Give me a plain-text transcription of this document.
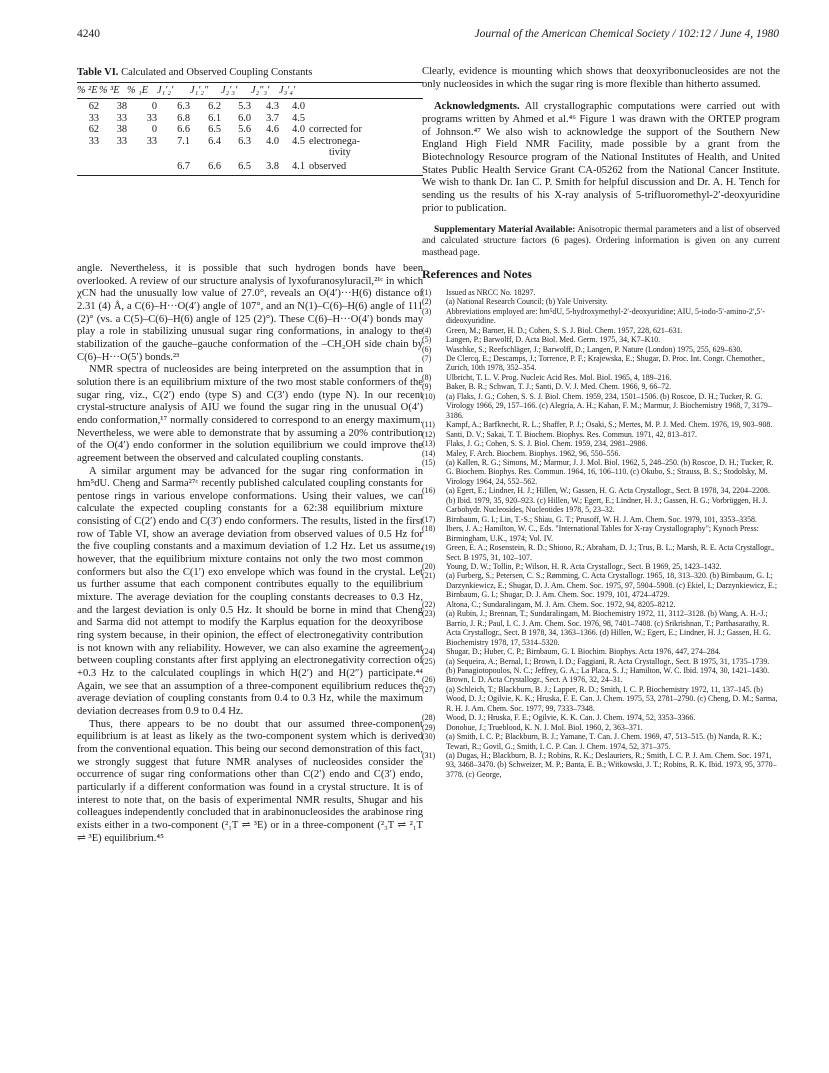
4240	Journal of the American Chemical Society / 102:12 / June 4, 1980
Table VI. Calculated and Observed Coupling Constants
% ²E	% ³E	% ₁E	J₁′₂′	J₁′₂″	J₂′₃′	J₂″₃′	J₃′₄′	
62	38	0	6.3	6.2	5.3	4.3	4.0	
33	33	33	6.8	6.1	6.0	3.7	4.5	
62	38	0	6.6	6.5	5.6	4.6	4.0	corrected for
33	33	33	7.1	6.4	6.3	4.0	4.5	electronega-
								tivity
			6.7	6.6	6.5	3.8	4.1	observed

angle. Nevertheless, it is possible that such hydrogen bonds have been overlooked. A review of our structure analysis of lyxofuranosyluracil,²¹ᶜ in which χCN had the unusually low value of 27.0°, reveals an O(4′)···H(6) distance of 2.31 (4) Å, a C(6)–H···O(4′) angle of 107°, and an N(1)–C(6)–H(6) angle of 111 (2)° (vs. a C(5)–C(6)–H(6) angle of 125 (2)°). These C(6)–H···O(4′) bonds may play a role in stabilizing unusual sugar ring conformations, in analogy to the stabilization of the gauche–gauche conformation of the –CH₂OH side chain by C(6)–H···O(5′) bonds.²³

NMR spectra of nucleosides are being interpreted on the assumption that in solution there is an equilibrium mixture of the two most stable conformers of the sugar ring, viz., C(2′) endo (type S) and C(3′) endo (type N). In our recent crystal-structure analysis of AIU we found the sugar ring in the unusual O(4′) endo conformation,¹⁷ normally considered to correspond to an energy maximum. Nevertheless, we were able to demonstrate that by assuming a 20% contribution of the O(4′) endo conformer in the solution equilibrium we could improve the agreement between the observed and calculated coupling constants.

A similar argument may be advanced for the sugar ring conformation in hm⁵dU. Cheng and Sarma²⁷ᶜ recently published calculated coupling constants for pentose rings in various envelope conformations. Using their values, we can calculate the expected coupling constants for a 62:38 equilibrium mixture consisting of C(2′) endo and C(3′) endo conformers. The results, listed in the first row of Table VI, show an average deviation from observed values of 0.5 Hz for the five coupling constants and a maximum deviation of 1.2 Hz. Let us assume, however, that the equilibrium mixture contains not only the two most common conformers but also the C(1′) exo envelope which was found in the crystal. Let us further assume that each component contributes equally to the equilibrium mixture. The average deviation for the coupling constants decreases to 0.3 Hz, and the largest deviation is only 0.5 Hz. It should be borne in mind that Cheng and Sarma did not attempt to modify the Karplus equation for the deoxyribose ring system because, in their opinion, the effect of electronegativity contribution is not known with any reliability. However, we can also examine the agreement between coupling constants after first applying an electronegativity correction of +0.3 Hz to the calculated couplings in which H(2′) and H(2″) participate.⁴⁴ Again, we see that an assumption of a three-component equilibrium reduces the average deviation of coupling constants from 0.4 to 0.3 Hz, while the maximum deviation decreases from 0.9 to 0.4 Hz.

Thus, there appears to be no doubt that our assumed three-component equilibrium is at least as likely as the two-component system which is derived from the conventional equation. This being our second demonstration of this fact, we strongly suggest that future NMR analyses of nucleosides consider the occurrence of sugar ring conformations other than C(2′) endo and C(3′) endo, particularly if a different conformation was found in a crystal structure. It is of interest to note that, on the basis of experimental NMR results, Shugar and his colleagues independently concluded that in arabinonucleosides the arabinose ring exists either in a two-component (²₁T ⇌ ³E) or in a three-component (²₃T ⇌ ²₁T ⇌ ³E) equilibrium.⁴⁵

Clearly, evidence is mounting which shows that deoxyribonucleosides are not the only nucleosides in which the sugar ring is more flexible than hitherto assumed.

Acknowledgments. All crystallographic computations were carried out with programs written by Ahmed et al.⁴⁶ Figure 1 was drawn with the ORTEP program of Johnson.⁴⁷ We also wish to acknowledge the support of the Southern New England High Field NMR Facility, made possible by a grant from the Biotechnology Resource program of the National Institutes of Health, and United States Public Health Service Grant CA-05262 from the National Cancer Institute. We wish to thank Dr. Ian C. P. Smith for helpful discussion and Dr. A. H. Tench for sending us the results of his X-ray analysis of 5-trifluoromethyl-2′-deoxyuridine prior to publication.

Supplementary Material Available: Anisotropic thermal parameters and a list of observed and calculated structure factors (6 pages). Ordering information is given on any current masthead page.

References and Notes
(1) Issued as NRCC No. 18297.
(2) (a) National Research Council; (b) Yale University.
(3) Abbreviations employed are: hm⁵dU, 5-hydroxymethyl-2′-deoxyuridine; AIU, 5-iodo-5′-amino-2′,5′-dideoxyuridine.
(4) Green, M.; Barner, H. D.; Cohen, S. S. J. Biol. Chem. 1957, 228, 621–631.
(5) Langen, P.; Barwolff, D. Acta Biol. Med. Germ. 1975, 34, K7–K10.
(6) Waschke, S.; Reefschläger, J.; Barwolff, D.; Langen, P. Nature (London) 1975, 255, 629–630.
(7) De Clercq, E.; Descamps, J.; Torrence, P. F.; Krajewska, E.; Shugar, D. Proc. Int. Congr. Chemother., Zurich, 10th 1978, 352–354.
(8) Ulbricht, T. L. V. Prog. Nucleic Acid Res. Mol. Biol. 1965, 4, 189–216.
(9) Baker, B. R.; Schwan, T. J.; Santi, D. V. J. Med. Chem. 1966, 9, 66–72.
(10) (a) Flaks, J. G.; Cohen, S. S. J. Biol. Chem. 1959, 234, 1501–1506. (b) Roscoe, D. H.; Tucker, R. G. Virology 1966, 29, 157–166. (c) Alegria, A. H.; Kahan, F. M.; Marmur, J. Biochemistry 1968, 7, 3179–3186.
(11) Kampf, A.; Barfknecht, R. L.; Shaffer, P. J.; Osaki, S.; Mertes, M. P. J. Med. Chem. 1976, 19, 903–908.
(12) Santi, D. V.; Sakai, T. T. Biochem. Biophys. Res. Commun. 1971, 42, 813–817.
(13) Flaks, J. G.; Cohen, S. S. J. Biol. Chem. 1959, 234, 2981–2986.
(14) Maley, F. Arch. Biochem. Biophys. 1962, 96, 550–556.
(15) (a) Kallen, R. G.; Simons, M.; Marmur, J. J. Mol. Biol. 1962, 5, 248–250. (b) Roscoe, D. H.; Tucker, R. G. Biochem. Biophys. Res. Commun. 1964, 16, 106–110. (c) Okubo, S.; Strauss, B. S.; Stodolsky, M. Virology 1964, 24, 552–562.
(16) (a) Egert, E.; Lindner, H. J.; Hillen, W.; Gassen, H. G. Acta Crystallogr., Sect. B 1978, 34, 2204–2208. (b) Ibid. 1979, 35, 920–923. (c) Hillen, W.; Egert, E.; Lindner, H. J.; Gassen, H. G.; Vorbrüggen, H. J. Carbohydr. Nucleosides, Nucleotides 1978, 5, 23–32.
(17) Birnbaum, G. I.; Lin, T.-S.; Shiau, G. T.; Prusoff, W. H. J. Am. Chem. Soc. 1979, 101, 3353–3358.
(18) Ibers, J. A.; Hamilton, W. C., Eds. "International Tables for X-ray Crystallography"; Kynoch Press: Birmingham, U.K., 1974; Vol. IV.
(19) Green, E. A.; Rosenstein, R. D.; Shiono, R.; Abraham, D. J.; Trus, B. L.; Marsh, R. E. Acta Crystallogr., Sect. B 1975, 31, 102–107.
(20) Young, D. W.; Tollin, P.; Wilson, H. R. Acta Crystallogr., Sect. B 1969, 25, 1423–1432.
(21) (a) Furberg, S.; Petersen, C. S.; Rømming, C. Acta Crystallogr. 1965, 18, 313–320. (b) Birnbaum, G. I.; Darzynkiewicz, E.; Shugar, D. J. Am. Chem. Soc. 1975, 97, 5904–5908. (c) Ekiel, I.; Darzynkiewicz, E.; Birnbaum, G. I.; Shugar, D. J. Am. Chem. Soc. 1979, 101, 4724–4729.
(22) Altona, C.; Sundaralingam, M. J. Am. Chem. Soc. 1972, 94, 8205–8212.
(23) (a) Rubin, J.; Brennan, T.; Sundaralingam, M. Biochemistry 1972, 11, 3112–3128. (b) Wang, A. H.-J.; Barrio, J. R.; Paul, I. C. J. Am. Chem. Soc. 1976, 98, 7401–7408. (c) Srikrishnan, T.; Parthasarathy, R. Acta Crystallogr., Sect. B 1978, 34, 1363–1366. (d) Hillen, W.; Egert, E.; Lindner, H. J.; Gassen, H. G. Biochemistry 1978, 17, 5314–5320.
(24) Shugar, D.; Huber, C. P.; Birnbaum, G. I. Biochim. Biophys. Acta 1976, 447, 274–284.
(25) (a) Sequeira, A.; Bernal, I.; Brown, I. D.; Faggiani, R. Acta Crystallogr., Sect. B 1975, 31, 1735–1739. (b) Panagiotopoulos, N. C.; Jeffrey, G. A.; La Placa, S. J.; Hamilton, W. C. Ibid. 1974, 30, 1421–1430.
(26) Brown, I. D. Acta Crystallogr., Sect. A 1976, 32, 24–31.
(27) (a) Schleich, T.; Blackburn, B. J.; Lapper, R. D.; Smith, I. C. P. Biochemistry 1972, 11, 137–145. (b) Wood, D. J.; Ogilvie, K. K.; Hruska, F. E. Can. J. Chem. 1975, 53, 2781–2790. (c) Cheng, D. M.; Sarma, R. H. J. Am. Chem. Soc. 1977, 99, 7333–7348.
(28) Wood, D. J.; Hruska, F. E.; Ogilvie, K. K. Can. J. Chem. 1974, 52, 3353–3366.
(29) Donohue, J.; Trueblood, K. N. J. Mol. Biol. 1960, 2, 363–371.
(30) (a) Smith, I. C. P.; Blackburn, B. J.; Yamane, T. Can. J. Chem. 1969, 47, 513–515. (b) Nanda, R. K.; Tewari, R.; Govil, G.; Smith, I. C. P. Can. J. Chem. 1974, 52, 371–375.
(31) (a) Dugas, H.; Blackburn, B. J.; Robins, R. K.; Deslauriers, R.; Smith, I. C. P. J. Am. Chem. Soc. 1971, 93, 3468–3470. (b) Schweizer, M. P.; Banta, E. B.; Witkowski, J. T.; Robins, R. K. Ibid. 1973, 95, 3770–3778. (c) George,
